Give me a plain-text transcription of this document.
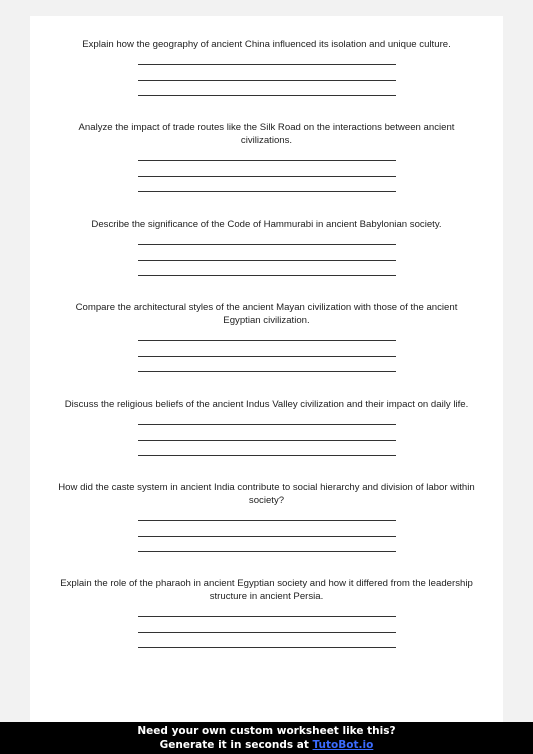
Explain how the geography of ancient China influenced its isolation and unique culture.
Analyze the impact of trade routes like the Silk Road on the interactions between ancient civilizations.
Describe the significance of the Code of Hammurabi in ancient Babylonian society.
Compare the architectural styles of the ancient Mayan civilization with those of the ancient Egyptian civilization.
Discuss the religious beliefs of the ancient Indus Valley civilization and their impact on daily life.
How did the caste system in ancient India contribute to social hierarchy and division of labor within society?
Explain the role of the pharaoh in ancient Egyptian society and how it differed from the leadership structure in ancient Persia.
Need your own custom worksheet like this?
Generate it in seconds at TutoBot.io
